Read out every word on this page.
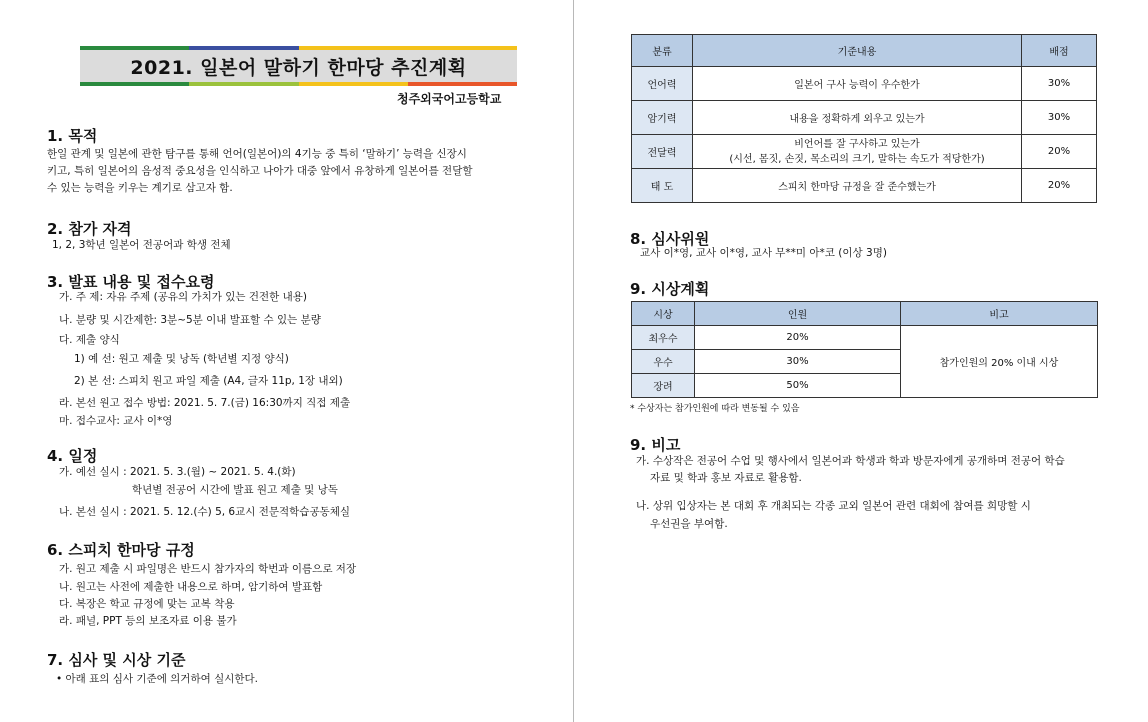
2021. 일본어 말하기 한마당 추진계획
청주외국어고등학교
1. 목적
한일 관계 및 일본에 관한 탐구를 통해 언어(일본어)의 4기능 중 특히 ‘말하기’ 능력을 신장시
키고, 특히 일본어의 음성적 중요성을 인식하고 나아가 대중 앞에서 유창하게 일본어를 전달할
수 있는 능력을 키우는 계기로 삼고자 함.
2. 참가 자격
1, 2, 3학년 일본어 전공어과 학생 전체
3. 발표 내용 및 접수요령
가. 주 제: 자유 주제 (공유의 가치가 있는 건전한 내용)
나. 분량 및 시간제한: 3분~5분 이내 발표할 수 있는 분량
다. 제출 양식
1) 예 선: 원고 제출 및 낭독 (학년별 지정 양식)
2) 본 선: 스피치 원고 파일 제출 (A4, 글자 11p, 1장 내외)
라. 본선 원고 접수 방법: 2021. 5. 7.(금) 16:30까지 직접 제출
마. 접수교사: 교사 이*영
4. 일정
가. 예선 실시 : 2021. 5. 3.(월) ~ 2021. 5. 4.(화)
학년별 전공어 시간에 발표 원고 제출 및 낭독
나. 본선 실시 : 2021. 5. 12.(수) 5, 6교시 전문적학습공동체실
6. 스피치 한마당 규정
가. 원고 제출 시 파일명은 반드시 참가자의 학번과 이름으로 저장
나. 원고는 사전에 제출한 내용으로 하며, 암기하여 발표함
다. 복장은 학교 규정에 맞는 교복 착용
라. 패널, PPT 등의 보조자료 이용 불가
7. 심사 및 시상 기준
• 아래 표의 심사 기준에 의거하여 실시한다.
분류	기준내용	배점
언어력	일본어 구사 능력이 우수한가	30%
암기력	내용을 정확하게 외우고 있는가	30%
전달력	비언어를 잘 구사하고 있는가
(시선, 몸짓, 손짓, 목소리의 크기, 말하는 속도가 적당한가)	20%
태 도	스피치 한마당 규정을 잘 준수했는가	20%
8. 심사위원
교사 이*영, 교사 이*영, 교사 무**미 아*코 (이상 3명)
9. 시상계획
시상	인원	비고
최우수	20%	참가인원의 20% 이내 시상
우수	30%	
장려	50%	
* 수상자는 참가인원에 따라 변동될 수 있음
9. 비고
가. 수상작은 전공어 수업 및 행사에서 일본어과 학생과 학과 방문자에게 공개하며 전공어 학습
자료 및 학과 홍보 자료로 활용함.
나. 상위 입상자는 본 대회 후 개최되는 각종 교외 일본어 관련 대회에 참여를 희망할 시
우선권을 부여함.
